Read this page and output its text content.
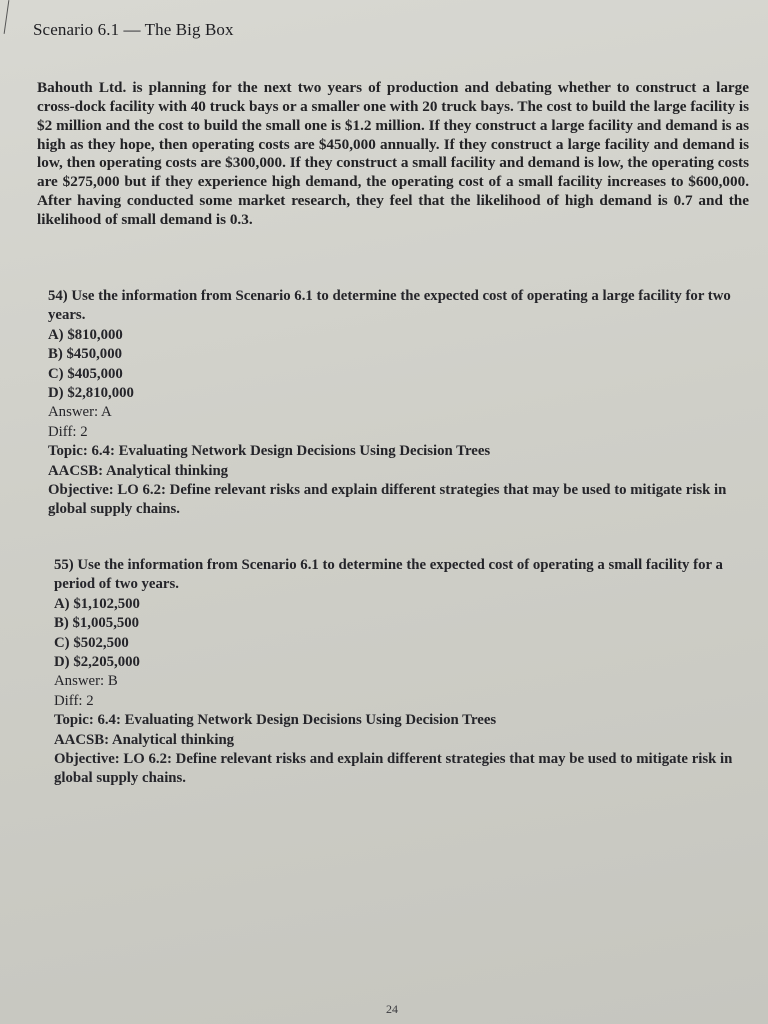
Scenario 6.1 — The Big Box

Bahouth Ltd. is planning for the next two years of production and debating whether to construct a large cross-dock facility with 40 truck bays or a smaller one with 20 truck bays. The cost to build the large facility is $2 million and the cost to build the small one is $1.2 million. If they construct a large facility and demand is as high as they hope, then operating costs are $450,000 annually. If they construct a large facility and demand is low, then operating costs are $300,000. If they construct a small facility and demand is low, the operating costs are $275,000 but if they experience high demand, the operating cost of a small facility increases to $600,000. After having conducted some market research, they feel that the likelihood of high demand is 0.7 and the likelihood of small demand is 0.3.

54) Use the information from Scenario 6.1 to determine the expected cost of operating a large facility for two years.

A) $810,000
B) $450,000
C) $405,000
D) $2,810,000
Answer: A
Diff: 2
Topic: 6.4: Evaluating Network Design Decisions Using Decision Trees
AACSB: Analytical thinking
Objective: LO 6.2: Define relevant risks and explain different strategies that may be used to mitigate risk in global supply chains.

55) Use the information from Scenario 6.1 to determine the expected cost of operating a small facility for a period of two years.

A) $1,102,500
B) $1,005,500
C) $502,500
D) $2,205,000
Answer: B
Diff: 2
Topic: 6.4: Evaluating Network Design Decisions Using Decision Trees
AACSB: Analytical thinking
Objective: LO 6.2: Define relevant risks and explain different strategies that may be used to mitigate risk in global supply chains.
24
